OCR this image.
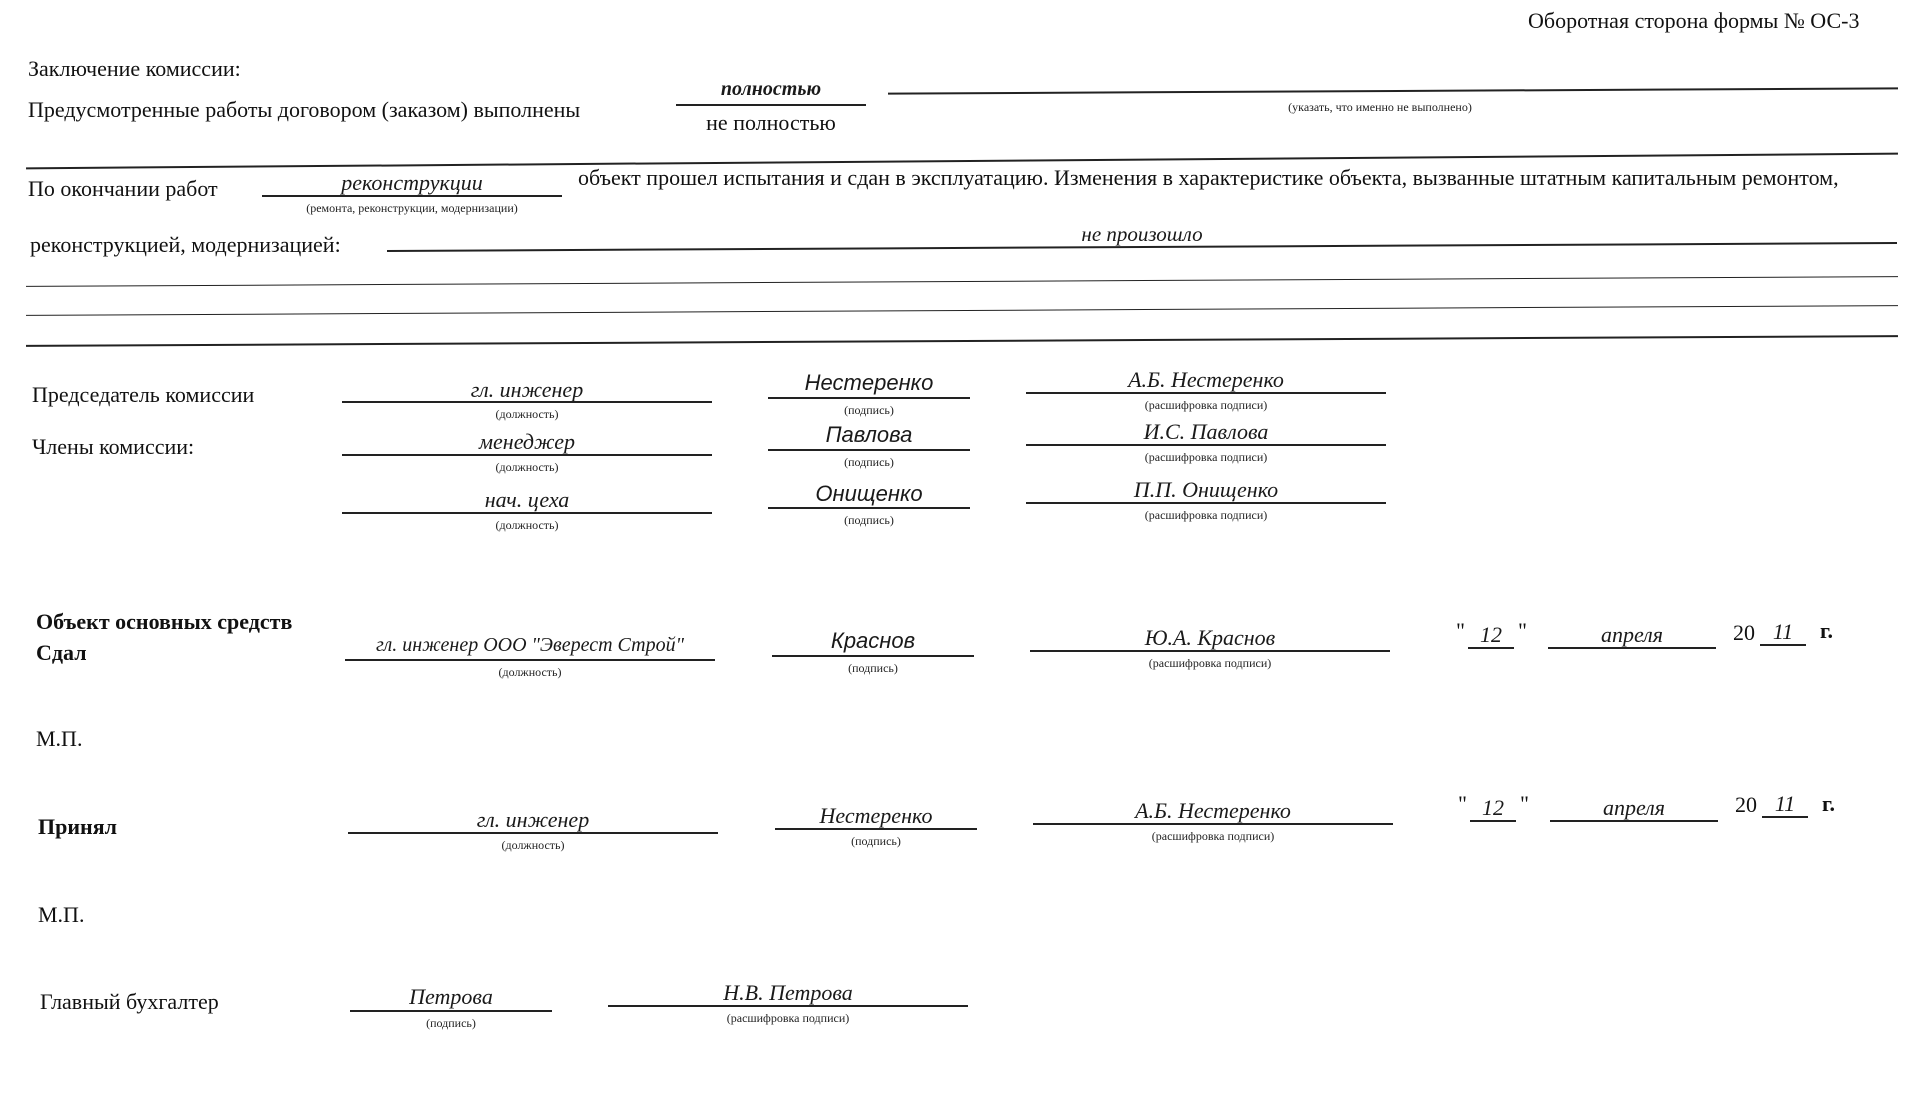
Оборотная сторона формы № ОС-3
Заключение комиссии:
Предусмотренные работы договором (заказом) выполнены
полностью
не полностью
(указать, что именно не выполнено)
По окончании работ	реконструкции
(ремонта, реконструкции, модернизации)
объект прошел испытания и сдан в эксплуатацию. Изменения в характеристике объекта, вызванные штатным капитальным ремонтом,
реконструкцией, модернизацией:	не произошло
Председатель комиссии
Члены комиссии:
гл. инженер
(должность)
Нестеренко
(подпись)
А.Б. Нестеренко
(расшифровка подписи)
менеджер
(должность)
Павлова
(подпись)
И.С. Павлова
(расшифровка подписи)
нач. цеха
(должность)
Онищенко
(подпись)
П.П. Онищенко
(расшифровка подписи)
Объект основных средств
Сдал	гл. инженер ООО "Эверест Строй"
(должность)
Краснов
(подпись)
Ю.А. Краснов
(расшифровка подписи)
" 12 "	апреля	20 11	г.
М.П.
Принял	гл. инженер
(должность)
Нестеренко
(подпись)
А.Б. Нестеренко
(расшифровка подписи)
" 12 "	апреля	20 11	г.
М.П.
Главный бухгалтер	Петрова
(подпись)
Н.В. Петрова
(расшифровка подписи)
